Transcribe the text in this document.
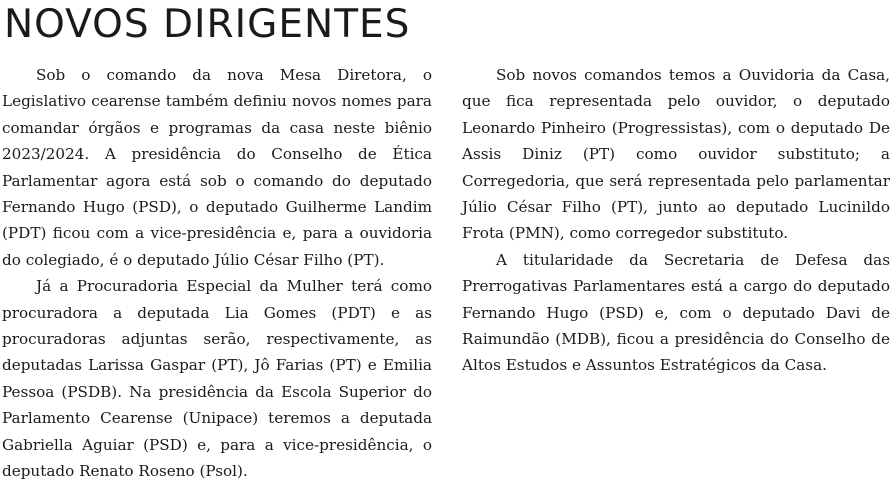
NOVOS DIRIGENTES

Sob o comando da nova Mesa Diretora, o Legislativo cearense também definiu novos nomes para comandar órgãos e programas da casa neste biênio 2023/2024. A presidência do Conselho de Ética Parlamentar agora está sob o comando do deputado Fernando Hugo (PSD), o deputado Guilherme Landim (PDT) ficou com a vice-presidência e, para a ouvidoria do colegiado, é o deputado Júlio César Filho (PT).

Já a Procuradoria Especial da Mulher terá como procuradora a deputada Lia Gomes (PDT) e as procuradoras adjuntas serão, respectivamente, as deputadas Larissa Gaspar (PT), Jô Farias (PT) e Emilia Pessoa (PSDB). Na presidência da Escola Superior do Parlamento Cearense (Unipace) teremos a deputada Gabriella Aguiar (PSD) e, para a vice-presidência, o deputado Renato Roseno (Psol).

Sob novos comandos temos a Ouvidoria da Casa, que fica representada pelo ouvidor, o deputado Leonardo Pinheiro (Progressistas), com o deputado De Assis Diniz (PT) como ouvidor substituto; a Corregedoria, que será representada pelo parlamentar Júlio César Filho (PT), junto ao deputado Lucinildo Frota (PMN), como corregedor substituto.

A titularidade da Secretaria de Defesa das Prerrogativas Parlamentares está a cargo do deputado Fernando Hugo (PSD) e, com o deputado Davi de Raimundão (MDB), ficou a presidência do Conselho de Altos Estudos e Assuntos Estratégicos da Casa.
